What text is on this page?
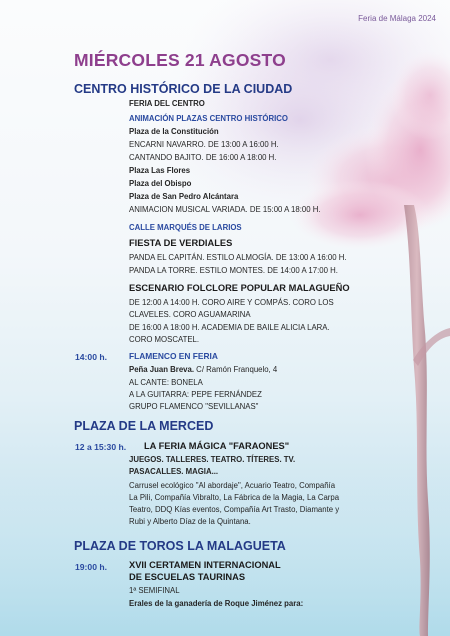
Feria de Málaga 2024
MIÉRCOLES 21 AGOSTO
CENTRO HISTÓRICO DE LA CIUDAD
FERIA DEL CENTRO
ANIMACIÓN PLAZAS CENTRO HISTÓRICO
Plaza de la Constitución
ENCARNI NAVARRO. DE 13:00 A 16:00 H.
CANTANDO BAJITO. DE 16:00 A 18:00 H.
Plaza Las Flores
Plaza del Obispo
Plaza de San Pedro Alcántara
ANIMACION MUSICAL VARIADA. DE 15:00 A 18:00 H.
CALLE MARQUÉS DE LARIOS
FIESTA DE VERDIALES
PANDA EL CAPITÁN. ESTILO ALMOGÍA. DE 13:00 A 16:00 H.
PANDA LA TORRE. ESTILO MONTES. DE 14:00 A 17:00 H.
ESCENARIO FOLCLORE POPULAR MALAGUEÑO
DE 12:00 A 14:00 H. CORO AIRE Y COMPÁS. CORO LOS
CLAVELES. CORO AGUAMARINA
DE 16:00 A 18:00 H. ACADEMIA DE BAILE ALICIA LARA.
CORO MOSCATEL.
14:00 h.	FLAMENCO EN FERIA
Peña Juan Breva. C/ Ramón Franquelo, 4
AL CANTE: BONELA
A LA GUITARRA: PEPE FERNÁNDEZ
GRUPO FLAMENCO "SEVILLANAS"
PLAZA DE LA MERCED
12 a 15:30 h. LA FERIA MÁGICA "FARAONES"
JUEGOS. TALLERES. TEATRO. TÍTERES. TV.
PASACALLES. MAGIA...
Carrusel ecológico "Al abordaje", Acuario Teatro, Compañía
La Pili, Compañía Vibralto, La Fábrica de la Magia, La Carpa
Teatro, DDQ Kías eventos, Compañía Art Trasto, Diamante y
Rubi y Alberto Díaz de la Quintana.
PLAZA DE TOROS LA MALAGUETA
19:00 h. XVII CERTAMEN INTERNACIONAL
DE ESCUELAS TAURINAS
1ª SEMIFINAL
Erales de la ganadería de Roque Jiménez para:
